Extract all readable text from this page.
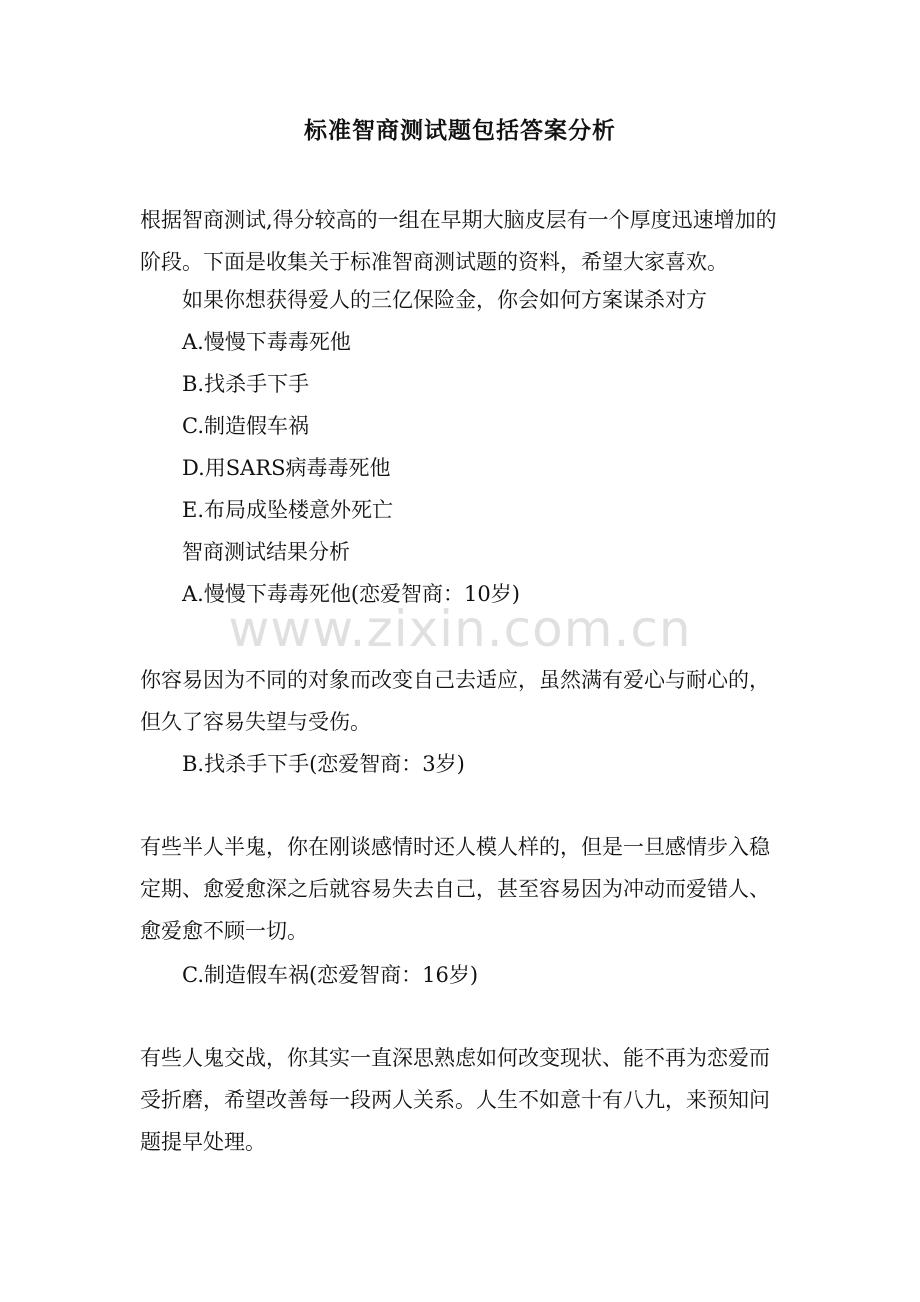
标准智商测试题包括答案分析

根据智商测试,得分较高的一组在早期大脑皮层有一个厚度迅速增加的阶段。下面是收集关于标准智商测试题的资料，希望大家喜欢。

如果你想获得爱人的三亿保险金，你会如何方案谋杀对方

A.慢慢下毒毒死他

B.找杀手下手

C.制造假车祸

D.用SARS病毒毒死他

E.布局成坠楼意外死亡

智商测试结果分析

A.慢慢下毒毒死他(恋爱智商：10岁)

www.zixin.com.cn

你容易因为不同的对象而改变自己去适应，虽然满有爱心与耐心的，但久了容易失望与受伤。

B.找杀手下手(恋爱智商：3岁)

有些半人半鬼，你在刚谈感情时还人模人样的，但是一旦感情步入稳定期、愈爱愈深之后就容易失去自己，甚至容易因为冲动而爱错人、愈爱愈不顾一切。

C.制造假车祸(恋爱智商：16岁)

有些人鬼交战，你其实一直深思熟虑如何改变现状、能不再为恋爱而受折磨，希望改善每一段两人关系。人生不如意十有八九，来预知问题提早处理。
